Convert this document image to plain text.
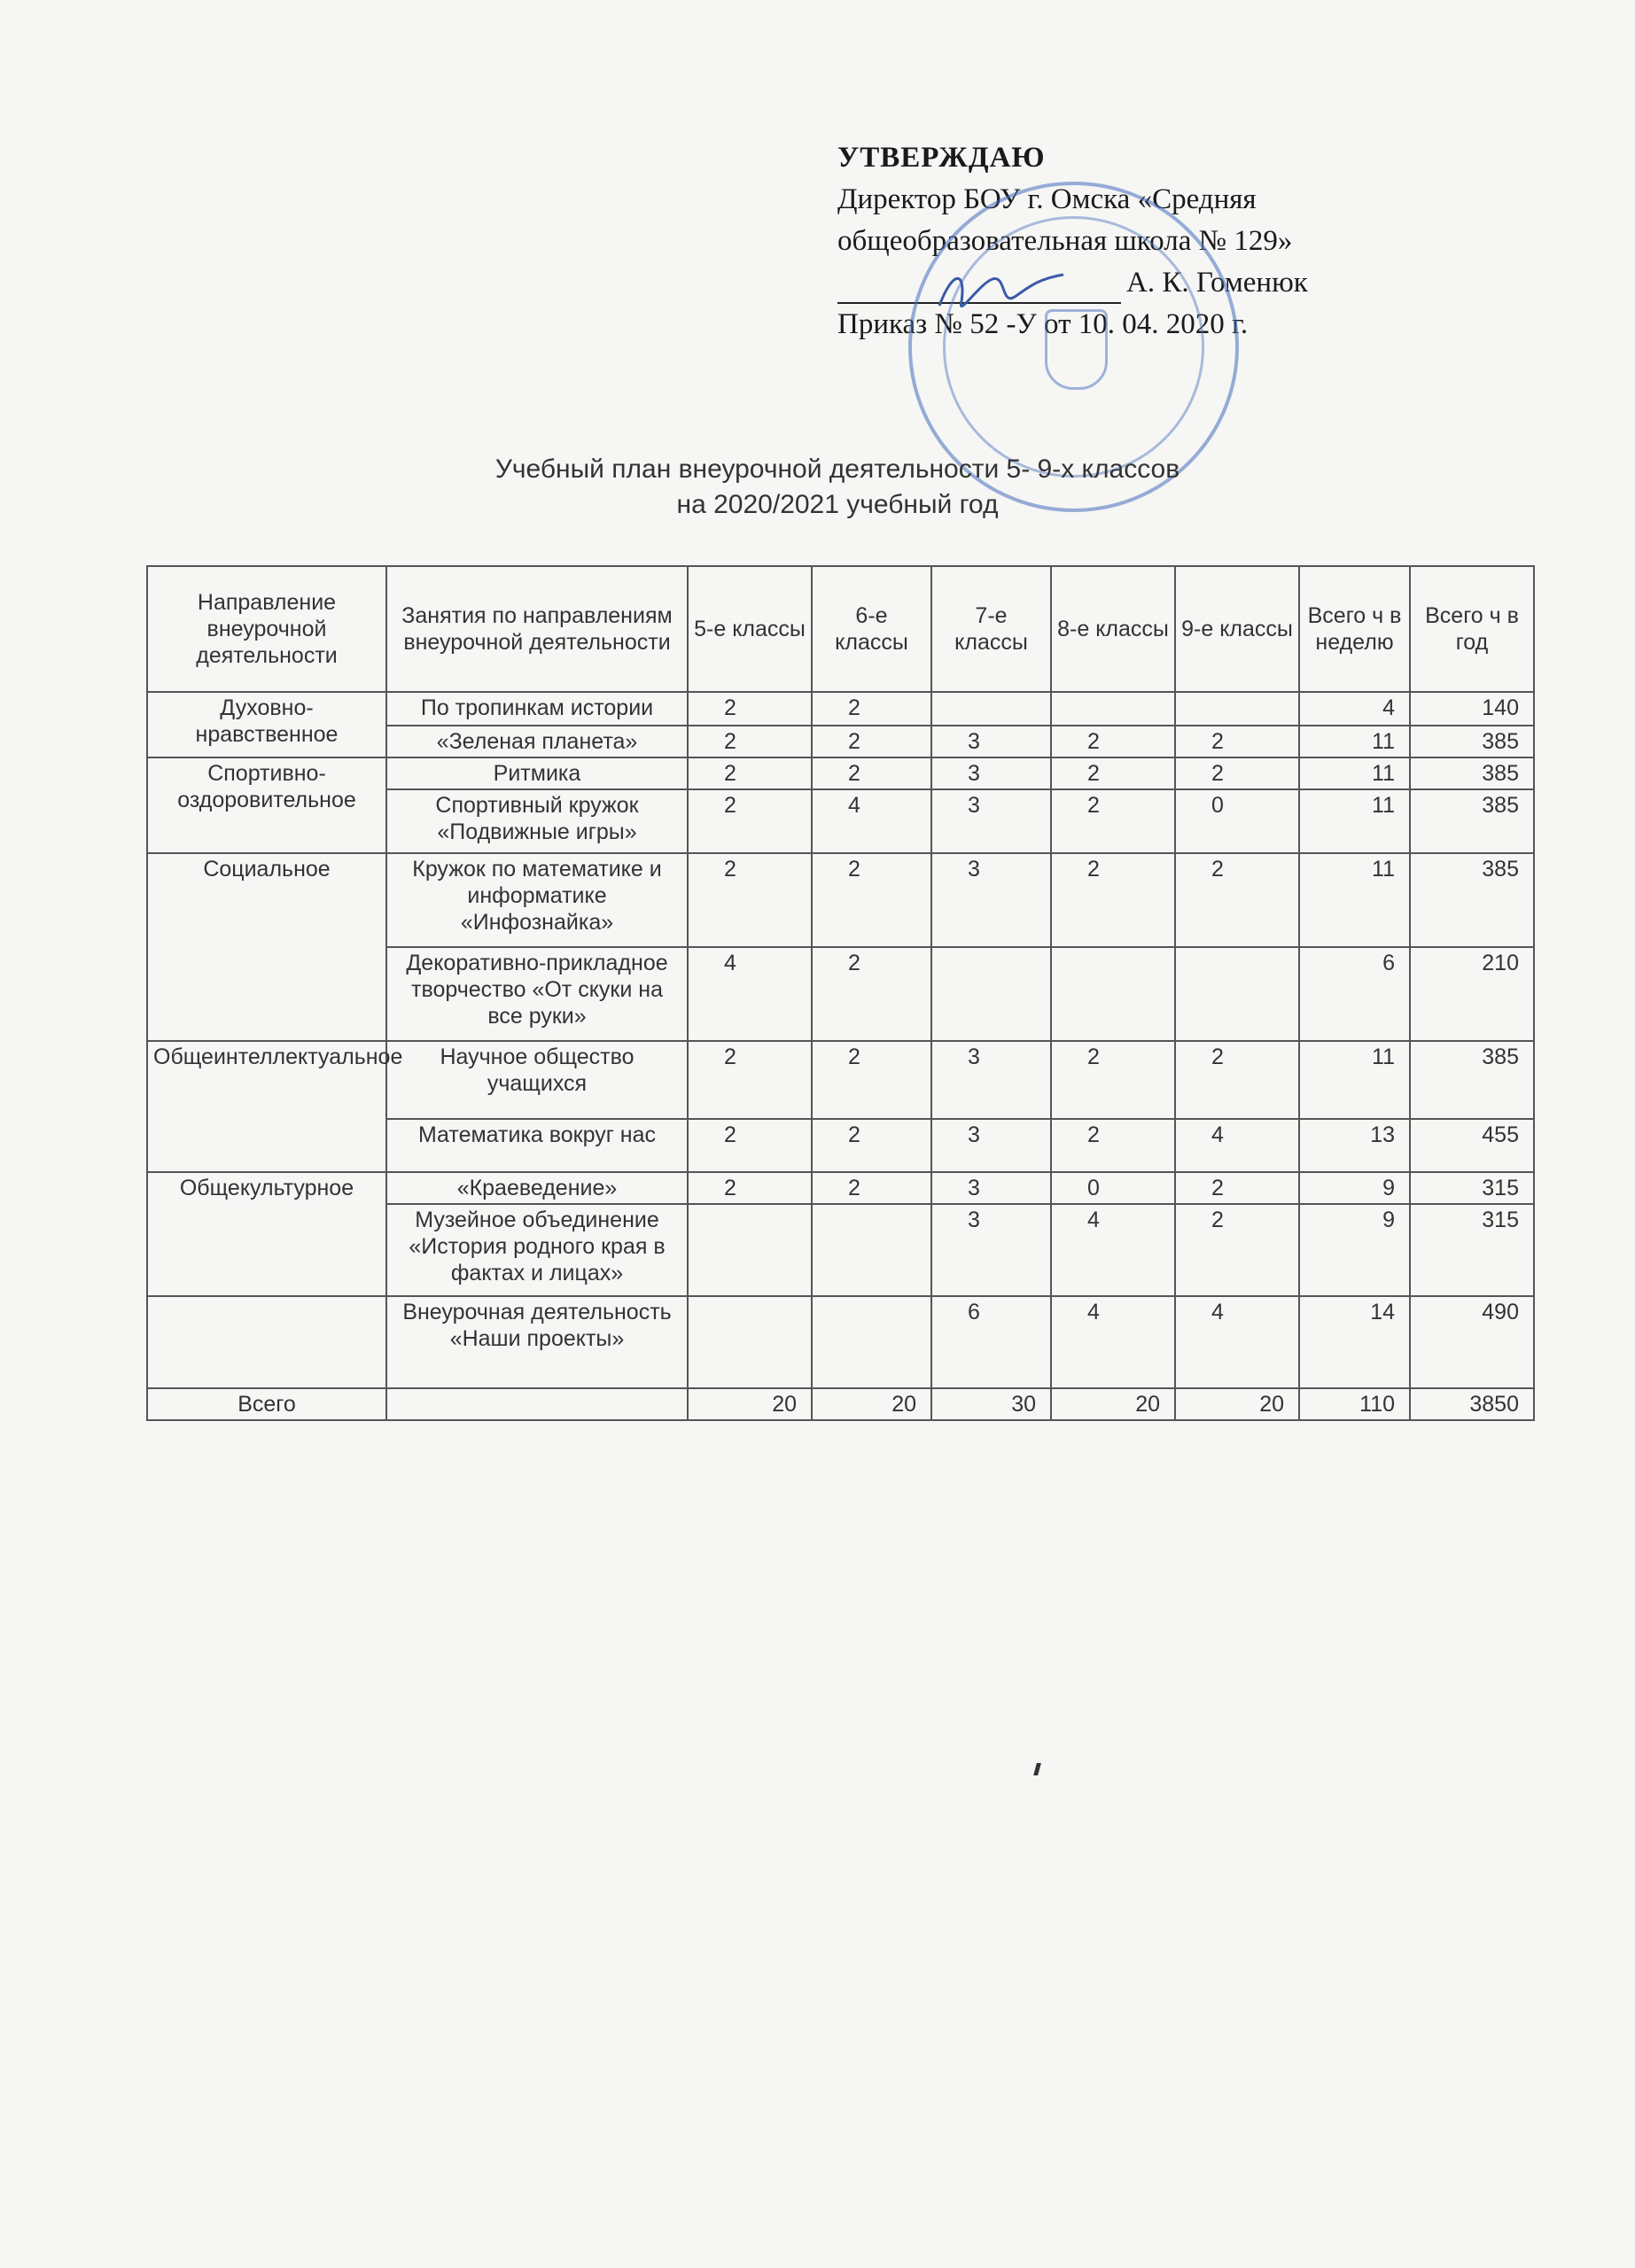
УТВЕРЖДАЮ
Директор БОУ г. Омска «Средняя
общеобразовательная школа № 129»
А. К. Гоменюк
Приказ № 52 -У от 10. 04. 2020 г.
Учебный план внеурочной деятельности 5- 9-х классов
на 2020/2021 учебный год
Направление внеурочной деятельности	Занятия по направлениям внеурочной деятельности	5-е классы	6-е классы	7-е классы	8-е классы	9-е классы	Всего ч в неделю	Всего ч в год
Духовно-нравственное	По тропинкам истории	2	2				4	140
	«Зеленая планета»	2	2	3	2	2	11	385
Спортивно-оздоровительное	Ритмика	2	2	3	2	2	11	385
	Спортивный кружок «Подвижные игры»	2	4	3	2	0	11	385
Социальное	Кружок по математике и информатике «Инфознайка»	2	2	3	2	2	11	385
	Декоративно-прикладное творчество «От скуки на все руки»	4	2				6	210
Общеинтеллектуальное	Научное общество учащихся	2	2	3	2	2	11	385
	Математика вокруг нас	2	2	3	2	4	13	455
Общекультурное	«Краеведение»	2	2	3	0	2	9	315
	Музейное объединение «История родного края в фактах и лицах»			3	4	2	9	315
	Внеурочная деятельность «Наши проекты»			6	4	4	14	490
Всего		20	20	30	20	20	110	3850
